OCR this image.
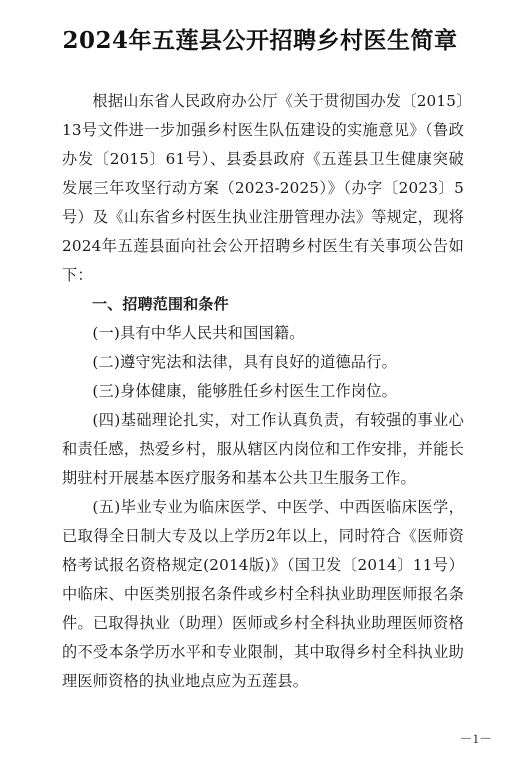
2024年五莲县公开招聘乡村医生简章

根据山东省人民政府办公厅《关于贯彻国办发〔2015〕13号文件进一步加强乡村医生队伍建设的实施意见》（鲁政办发〔2015〕61号）、县委县政府《五莲县卫生健康突破发展三年攻坚行动方案（2023-2025）》（办字〔2023〕5号）及《山东省乡村医生执业注册管理办法》等规定，现将2024年五莲县面向社会公开招聘乡村医生有关事项公告如下：

一、招聘范围和条件

(一)具有中华人民共和国国籍。

(二)遵守宪法和法律，具有良好的道德品行。

(三)身体健康，能够胜任乡村医生工作岗位。

(四)基础理论扎实，对工作认真负责，有较强的事业心和责任感，热爱乡村，服从辖区内岗位和工作安排，并能长期驻村开展基本医疗服务和基本公共卫生服务工作。

(五)毕业专业为临床医学、中医学、中西医临床医学，已取得全日制大专及以上学历2年以上，同时符合《医师资格考试报名资格规定(2014版)》（国卫发〔2014〕11号）中临床、中医类别报名条件或乡村全科执业助理医师报名条件。已取得执业（助理）医师或乡村全科执业助理医师资格的不受本条学历水平和专业限制，其中取得乡村全科执业助理医师资格的执业地点应为五莲县。

－1－
